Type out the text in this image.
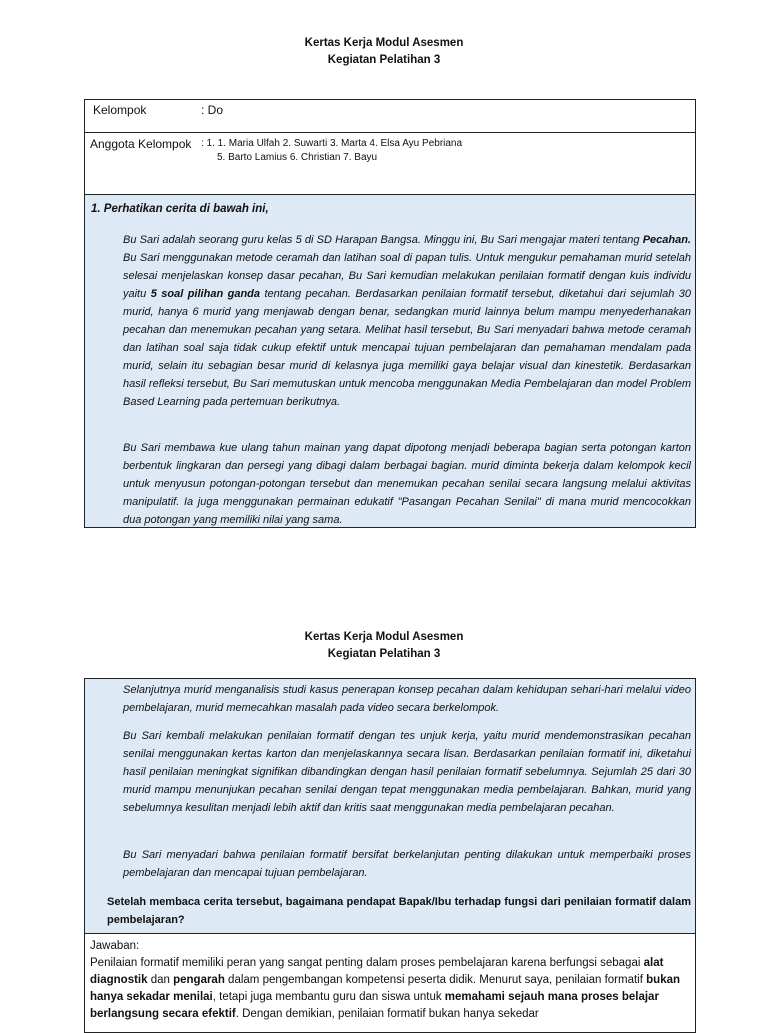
Kertas Kerja Modul Asesmen
Kegiatan Pelatihan 3
Kelompok	: Do
Anggota Kelompok : 1. 1. Maria Ulfah 2. Suwarti 3. Marta 4. Elsa Ayu Pebriana
5. Barto Lamius 6. Christian 7. Bayu
1. Perhatikan cerita di bawah ini,

Bu Sari adalah seorang guru kelas 5 di SD Harapan Bangsa. Minggu ini, Bu Sari mengajar materi tentang Pecahan. Bu Sari menggunakan metode ceramah dan latihan soal di papan tulis. Untuk mengukur pemahaman murid setelah selesai menjelaskan konsep dasar pecahan, Bu Sari kemudian melakukan penilaian formatif dengan kuis individu yaitu 5 soal pilihan ganda tentang pecahan. Berdasarkan penilaian formatif tersebut, diketahui dari sejumlah 30 murid, hanya 6 murid yang menjawab dengan benar, sedangkan murid lainnya belum mampu menyederhanakan pecahan dan menemukan pecahan yang setara. Melihat hasil tersebut, Bu Sari menyadari bahwa metode ceramah dan latihan soal saja tidak cukup efektif untuk mencapai tujuan pembelajaran dan pemahaman mendalam pada murid, selain itu sebagian besar murid di kelasnya juga memiliki gaya belajar visual dan kinestetik. Berdasarkan hasil refleksi tersebut, Bu Sari memutuskan untuk mencoba menggunakan Media Pembelajaran dan model Problem Based Learning pada pertemuan berikutnya.

Bu Sari membawa kue ulang tahun mainan yang dapat dipotong menjadi beberapa bagian serta potongan karton berbentuk lingkaran dan persegi yang dibagi dalam berbagai bagian. murid diminta bekerja dalam kelompok kecil untuk menyusun potongan-potongan tersebut dan menemukan pecahan senilai secara langsung melalui aktivitas manipulatif. Ia juga menggunakan permainan edukatif "Pasangan Pecahan Senilai" di mana murid mencocokkan dua potongan yang memiliki nilai yang sama.

Kertas Kerja Modul Asesmen
Kegiatan Pelatihan 3

Selanjutnya murid menganalisis studi kasus penerapan konsep pecahan dalam kehidupan sehari-hari melalui video pembelajaran, murid memecahkan masalah pada video secara berkelompok.

Bu Sari kembali melakukan penilaian formatif dengan tes unjuk kerja, yaitu murid mendemonstrasikan pecahan senilai menggunakan kertas karton dan menjelaskannya secara lisan. Berdasarkan penilaian formatif ini, diketahui hasil penilaian meningkat signifikan dibandingkan dengan hasil penilaian formatif sebelumnya. Sejumlah 25 dari 30 murid mampu menunjukan pecahan senilai dengan tepat menggunakan media pembelajaran. Bahkan, murid yang sebelumnya kesulitan menjadi lebih aktif dan kritis saat menggunakan media pembelajaran pecahan.

Bu Sari menyadari bahwa penilaian formatif bersifat berkelanjutan penting dilakukan untuk memperbaiki proses pembelajaran dan mencapai tujuan pembelajaran.

Setelah membaca cerita tersebut, bagaimana pendapat Bapak/Ibu terhadap fungsi dari penilaian formatif dalam pembelajaran?

Jawaban:
Penilaian formatif memiliki peran yang sangat penting dalam proses pembelajaran karena berfungsi sebagai alat diagnostik dan pengarah dalam pengembangan kompetensi peserta didik. Menurut saya, penilaian formatif bukan hanya sekadar menilai, tetapi juga membantu guru dan siswa untuk memahami sejauh mana proses belajar berlangsung secara efektif. Dengan demikian, penilaian formatif bukan hanya sekedar
